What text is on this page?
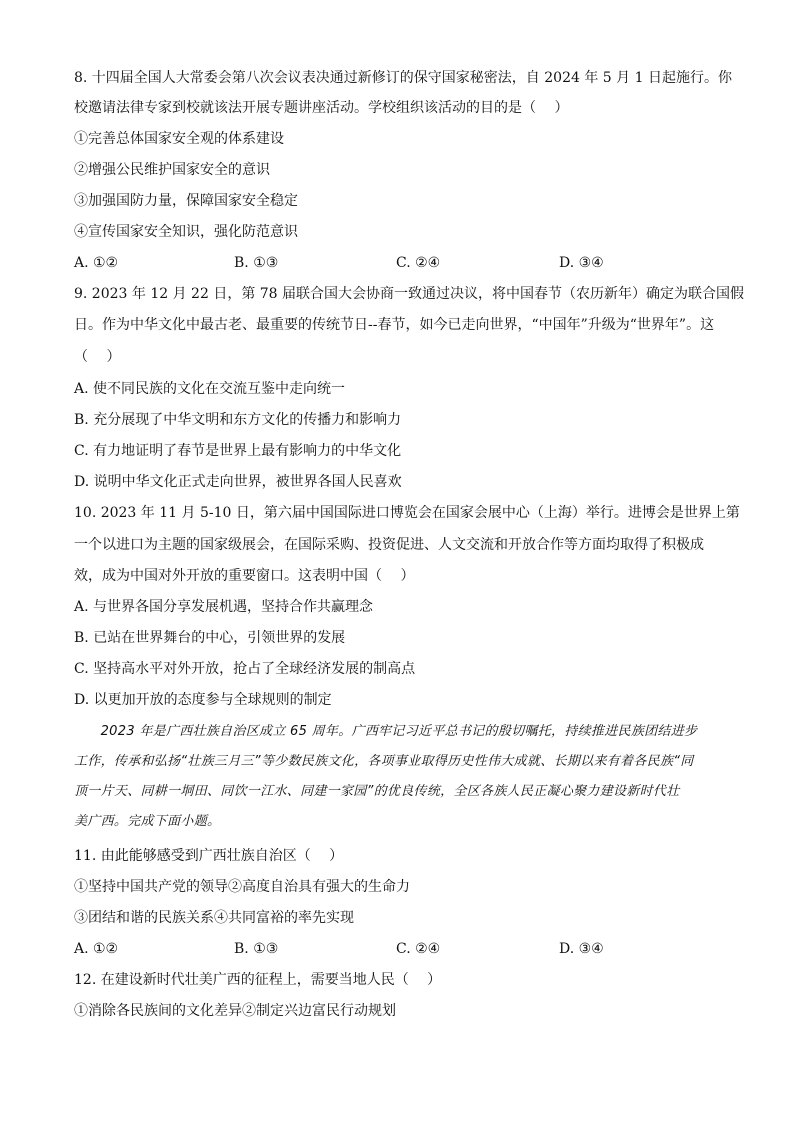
8. 十四届全国人大常委会第八次会议表决通过新修订的保守国家秘密法，自 2024 年 5 月 1 日起施行。你
校邀请法律专家到校就该法开展专题讲座活动。学校组织该活动的目的是（　 ）
①完善总体国家安全观的体系建设
②增强公民维护国家安全的意识
③加强国防力量，保障国家安全稳定
④宣传国家安全知识，强化防范意识
A. ①②	B. ①③	C. ②④	D. ③④
9. 2023 年 12 月 22 日，第 78 届联合国大会协商一致通过决议，将中国春节（农历新年）确定为联合国假
日。作为中华文化中最古老、最重要的传统节日--春节，如今已走向世界，“中国年”升级为“世界年”。这
（　 ）
A. 使不同民族的文化在交流互鉴中走向统一
B. 充分展现了中华文明和东方文化的传播力和影响力
C. 有力地证明了春节是世界上最有影响力的中华文化
D. 说明中华文化正式走向世界，被世界各国人民喜欢
10. 2023 年 11 月 5-10 日，第六届中国国际进口博览会在国家会展中心（上海）举行。进博会是世界上第
一个以进口为主题的国家级展会，在国际采购、投资促进、人文交流和开放合作等方面均取得了积极成
效，成为中国对外开放的重要窗口。这表明中国（　 ）
A. 与世界各国分享发展机遇，坚持合作共赢理念
B. 已站在世界舞台的中心，引领世界的发展
C. 坚持高水平对外开放，抢占了全球经济发展的制高点
D. 以更加开放的态度参与全球规则的制定
　　2023 年是广西壮族自治区成立 65 周年。广西牢记习近平总书记的殷切嘱托，持续推进民族团结进步
工作，传承和弘扬“壮族三月三”等少数民族文化，各项事业取得历史性伟大成就、长期以来有着各民族“同
顶一片天、同耕一垌田、同饮一江水、同建一家园”的优良传统，全区各族人民正凝心聚力建设新时代壮
美广西。完成下面小题。
11. 由此能够感受到广西壮族自治区（　 ）
①坚持中国共产党的领导②高度自治具有强大的生命力
③团结和谐的民族关系④共同富裕的率先实现
A. ①②	B. ①③	C. ②④	D. ③④
12. 在建设新时代壮美广西的征程上，需要当地人民（　 ）
①消除各民族间的文化差异②制定兴边富民行动规划
